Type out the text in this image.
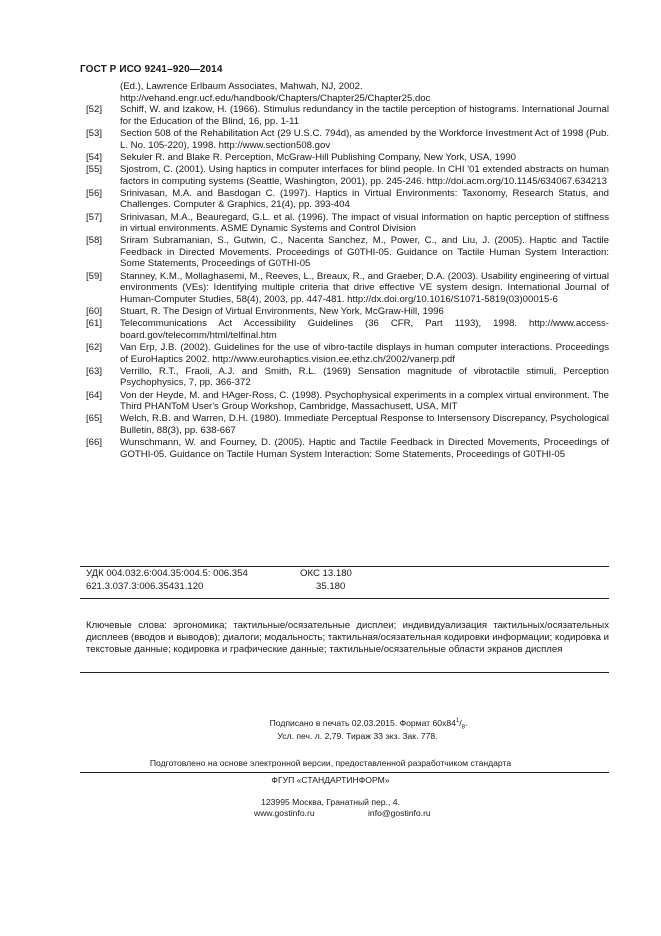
ГОСТ Р ИСО 9241–920—2014
(Ed.), Lawrence Erlbaum Associates, Mahwah, NJ, 2002.
http://vehand.engr.ucf.edu/handbook/Chapters/Chapter25/Chapter25.doc
[52]	Schiff, W. and Izakow, H. (1966). Stimulus redundancy in the tactile perception of histograms. International Journal for the Education of the Blind, 16, pp. 1-11
[53]	Section 508 of the Rehabilitation Act (29 U.S.C. 794d), as amended by the Workforce Investment Act of 1998 (Pub. L. No. 105-220), 1998. http://www.section508.gov
[54]	Sekuler R. and Blake R. Perception, McGraw-Hill Publishing Company, New York, USA, 1990
[55]	Sjostrom, C. (2001). Using haptics in computer interfaces for blind people. In CHI '01 extended abstracts on human factors in computing systems (Seattle, Washington, 2001), pp. 245-246. http://doi.acm.org/10.1145/634067.634213
[56]	Srinivasan, M.A. and Basdogan C. (1997). Haptics in Virtual Environments: Taxonomy, Research Status, and Challenges. Computer & Graphics, 21(4), pp. 393-404
[57]	Srinivasan, M.A., Beauregard, G.L. et al. (1996). The impact of visual information on haptic perception of stiffness in virtual environments. ASME Dynamic Systems and Control Division
[58]	Sriram Subramanian, S., Gutwin, C., Nacenta Sanchez, M., Power, C., and Liu, J. (2005). Haptic and Tactile Feedback in Directed Movements. Proceedings of G0THI-05. Guidance on Tactile Human System Interaction: Some Statements, Proceedings of G0THI-05
[59]	Stanney, K.M., Mollaghasemi, M., Reeves, L., Breaux, R., and Graeber, D.A. (2003). Usability engineering of virtual environments (VEs): Identifying multiple criteria that drive effective VE system design. International Journal of Human-Computer Studies, 58(4), 2003, pp. 447-481. http://dx.doi.org/10.1016/S1071-5819(03)00015-6
[60]	Stuart, R. The Design of Virtual Environments, New York, McGraw-Hill, 1996
[61]	Telecommunications Act Accessibility Guidelines (36 CFR, Part 1193), 1998. http://www.access-board.gov/telecomm/html/telfinal.htm
[62]	Van Erp, J.B. (2002). Guidelines for the use of vibro-tactile displays in human computer interactions. Proceedings of EuroHaptics 2002. http://www.eurohaptics.vision.ee.ethz.ch/2002/vanerp.pdf
[63]	Verrillo, R.T., Fraoli, A.J. and Smith, R.L. (1969) Sensation magnitude of vibrotactile stimuli, Perception Psychophysics, 7, pp. 366-372
[64]	Von der Heyde, M. and HAger-Ross, C. (1998). Psychophysical experiments in a complex virtual environment. The Third PHANToM User's Group Workshop, Cambridge, Massachusett, USA, MIT
[65]	Welch, R.B. and Warren, D.H. (1980). Immediate Perceptual Response to Intersensory Discrepancy, Psychological Bulletin, 88(3), pp. 638-667
[66]	Wunschmann, W. and Fourney, D. (2005). Haptic and Tactile Feedback in Directed Movements, Proceedings of GOTHI-05. Guidance on Tactile Human System Interaction: Some Statements, Proceedings of G0THI-05
УДК 004.032.6:004.35:004.5: 006.354	ОКС 13.180
621.3.037.3:006.35431.120	35.180
Ключевые слова: эргономика; тактильные/осязательные дисплеи; индивидуализация тактильных/осязательных дисплеев (вводов и выводов); диалоги; модальность; тактильная/осязательная кодировки информации; кодировка и текстовые данные; кодировка и графические данные; тактильные/осязательные области экранов дисплея
Подписано в печать 02.03.2015. Формат $60x84^1/_8$.
Усл. печ. л. 2,79. Тираж 33 экз. Зак. 778.
Подготовлено на основе электронной версии, предоставленной разработчиком стандарта
ФГУП «СТАНДАРТИНФОРМ»
123995 Москва, Гранатный пер., 4.
www.gostinfo.ru	info@gostinfo.ru
